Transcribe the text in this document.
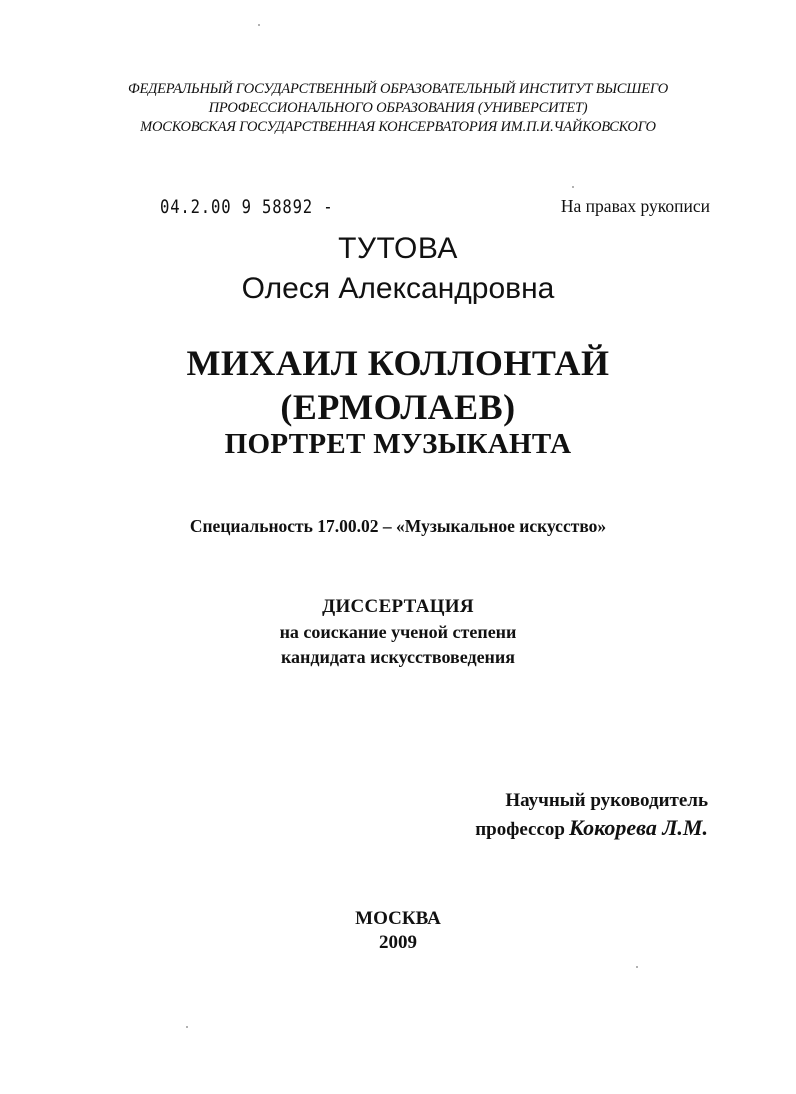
ФЕДЕРАЛЬНЫЙ ГОСУДАРСТВЕННЫЙ ОБРАЗОВАТЕЛЬНЫЙ ИНСТИТУТ ВЫСШЕГО
ПРОФЕССИОНАЛЬНОГО ОБРАЗОВАНИЯ (УНИВЕРСИТЕТ)
МОСКОВСКАЯ ГОСУДАРСТВЕННАЯ КОНСЕРВАТОРИЯ ИМ.П.И.ЧАЙКОВСКОГО
04.2.00 9 58892 -	На правах рукописи
ТУТОВА
Олеся Александровна
МИХАИЛ КОЛЛОНТАЙ
(ЕРМОЛАЕВ)
ПОРТРЕТ МУЗЫКАНТА
Специальность 17.00.02 – «Музыкальное искусство»
ДИССЕРТАЦИЯ
на соискание ученой степени
кандидата искусствоведения
Научный руководитель
профессор Кокорева Л.М.
МОСКВА
2009
